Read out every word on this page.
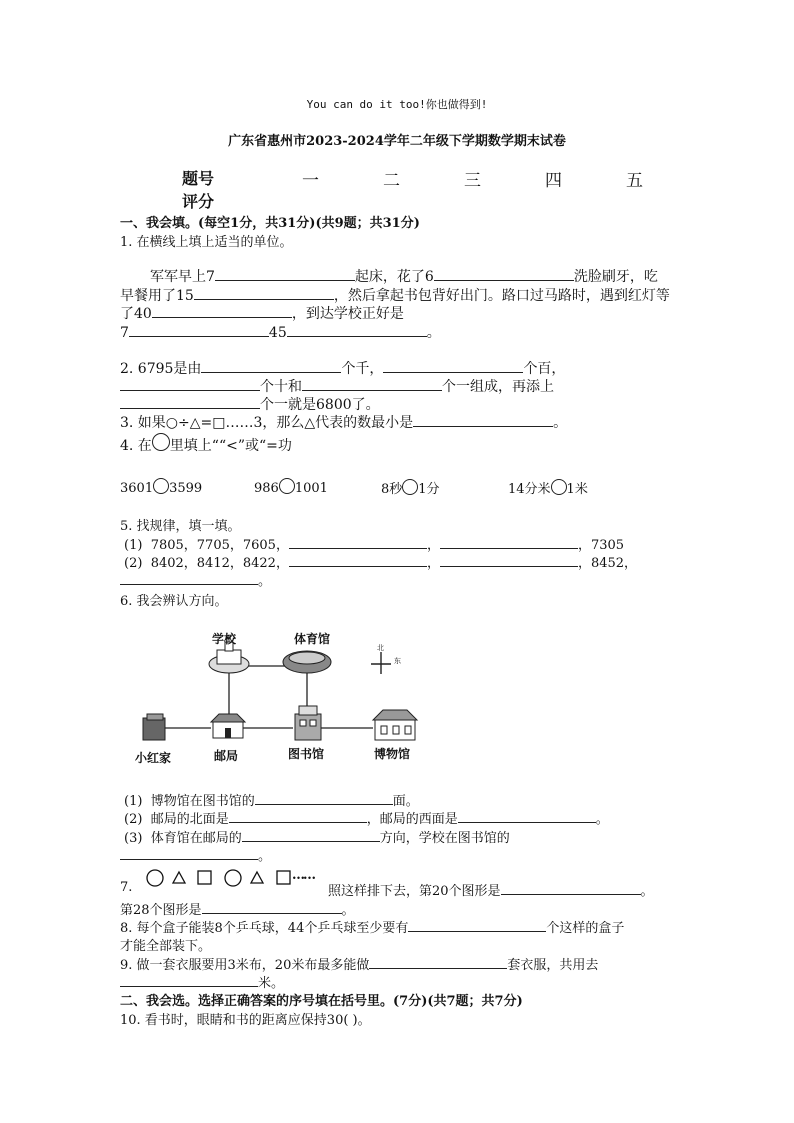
You can do it too!你也做得到!
广东省惠州市2023-2024学年二年级下学期数学期末试卷
题号	一	二	三	四	五
评分
一、我会填。(每空1分，共31分)(共9题；共31分)
1. 在横线上填上适当的单位。
军军早上7	起床，花了6	洗脸刷牙，吃
早餐用了15	，然后拿起书包背好出门。路口过马路时，遇到红灯等
了40	，到达学校正好是
7	45	。
2. 6795是由	个千，	个百，
个十和	个一组成，再添上
个一就是6800了。
3. 如果○÷△=□……3，那么△代表的数最小是	。
4. 在 里填上““<”或“=功
3601 3599	986 1001	8秒 1分	14分米 1米
5. 找规律，填一填。
(1) 7805，7705，7605，	，	，7305
(2) 8402，8412，8422，	，	，8452，
。
6. 我会辨认方向。
学校	体育馆
北
东
小红家	邮局	图书馆	博物馆
(1) 博物馆在图书馆的	面。
(2) 邮局的北面是	，邮局的西面是	。
(3) 体育馆在邮局的	方向，学校在图书馆的
。
7.
……
照这样排下去，第20个图形是	。
第28个图形是	。
8. 每个盒子能装8个乒乓球，44个乒乓球至少要有	个这样的盒子
才能全部装下。
9. 做一套衣服要用3米布，20米布最多能做	套衣服，共用去
米。
二、我会选。选择正确答案的序号填在括号里。(7分)(共7题；共7分)
10. 看书时，眼睛和书的距离应保持30( )。
